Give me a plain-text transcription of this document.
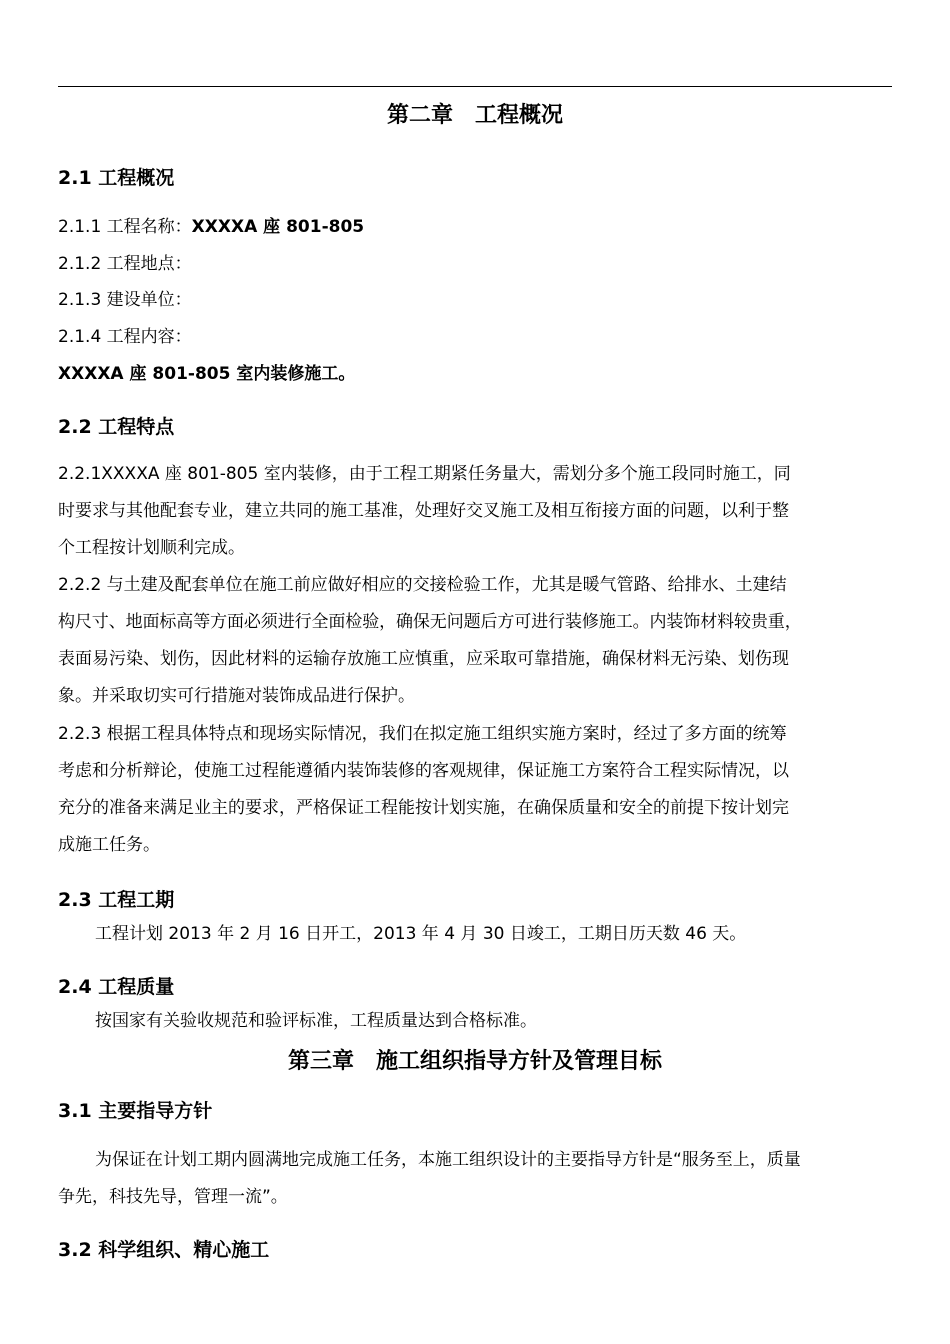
第二章　工程概况
2.1 工程概况
2.1.1 工程名称：XXXXA 座 801-805
2.1.2 工程地点：
2.1.3 建设单位：
2.1.4 工程内容：
XXXXA 座 801-805 室内装修施工。
2.2 工程特点
2.2.1XXXXA 座 801-805 室内装修，由于工程工期紧任务量大，需划分多个施工段同时施工，同
时要求与其他配套专业，建立共同的施工基准，处理好交叉施工及相互衔接方面的问题，以利于整
个工程按计划顺利完成。
2.2.2 与土建及配套单位在施工前应做好相应的交接检验工作，尤其是暖气管路、给排水、土建结
构尺寸、地面标高等方面必须进行全面检验，确保无问题后方可进行装修施工。内装饰材料较贵重，
表面易污染、划伤，因此材料的运输存放施工应慎重，应采取可靠措施，确保材料无污染、划伤现
象。并采取切实可行措施对装饰成品进行保护。
2.2.3 根据工程具体特点和现场实际情况，我们在拟定施工组织实施方案时，经过了多方面的统筹
考虑和分析辩论，使施工过程能遵循内装饰装修的客观规律，保证施工方案符合工程实际情况，以
充分的准备来满足业主的要求，严格保证工程能按计划实施，在确保质量和安全的前提下按计划完
成施工任务。
2.3 工程工期
工程计划 2013 年 2 月 16 日开工，2013 年 4 月 30 日竣工，工期日历天数 46 天。
2.4 工程质量
按国家有关验收规范和验评标准，工程质量达到合格标准。
第三章　施工组织指导方针及管理目标
3.1 主要指导方针
为保证在计划工期内圆满地完成施工任务，本施工组织设计的主要指导方针是“服务至上，质量
争先，科技先导，管理一流”。
3.2 科学组织、精心施工
